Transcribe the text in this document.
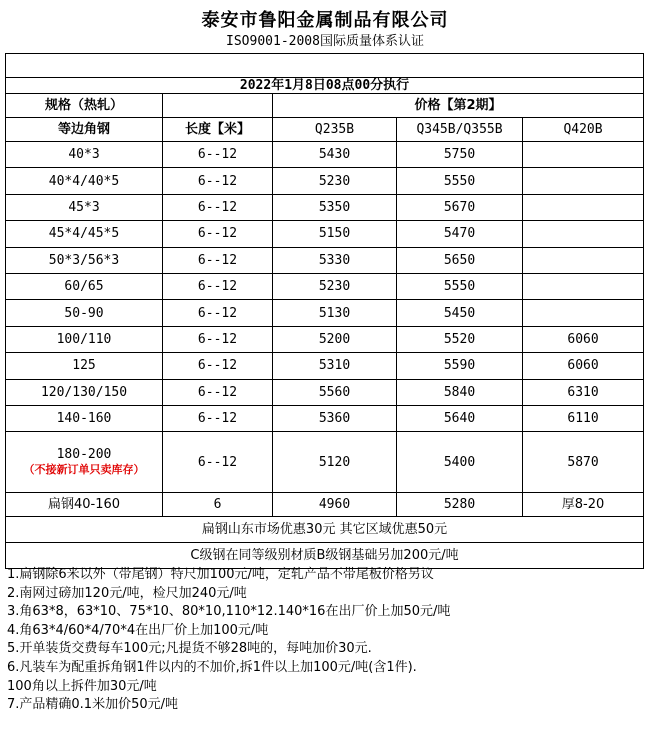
泰安市鲁阳金属制品有限公司
ISO9001-2008国际质量体系认证

2022年1月8日08点00分执行				
规格（热轧）		价格【第2期】		
等边角钢	长度【米】	Q235B	Q345B/Q355B	Q420B
40*3	6--12	5430	5750	
40*4/40*5	6--12	5230	5550	
45*3	6--12	5350	5670	
45*4/45*5	6--12	5150	5470	
50*3/56*3	6--12	5330	5650	
60/65	6--12	5230	5550	
50-90	6--12	5130	5450	
100/110	6--12	5200	5520	6060
125	6--12	5310	5590	6060
120/130/150	6--12	5560	5840	6310
140-160	6--12	5360	5640	6110

180-200
（不接新订单只卖库存）	6--12	5120	5400	5870
扁钢40-160	6	4960	5280	厚8-20
扁钢山东市场优惠30元 其它区域优惠50元				
C级钢在同等级别材质B级钢基础另加200元/吨				
1.扁钢除6米以外（带尾钢）特尺加100元/吨，定轧产品不带尾板价格另议
2.南网过磅加120元/吨，检尺加240元/吨
3.角63*8，63*10、75*10、80*10,110*12.140*16在出厂价上加50元/吨
4.角63*4/60*4/70*4在出厂价上加100元/吨
5.开单装货交费每车100元;凡提货不够28吨的，每吨加价30元.
6.凡装车为配重拆角钢1件以内的不加价,拆1件以上加100元/吨(含1件).
100角以上拆件加30元/吨
7.产品精确0.1米加价50元/吨
